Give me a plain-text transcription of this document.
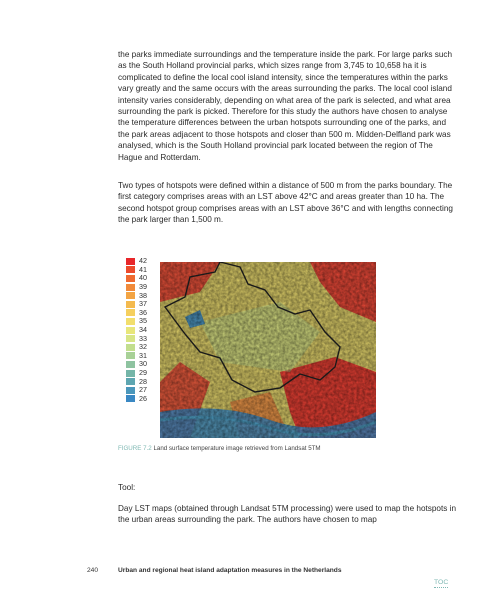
the parks immediate surroundings and the temperature inside the park. For large parks such as the South Holland provincial parks, which sizes range from 3,745 to 10,658 ha it is complicated to define the local cool island intensity, since the temperatures within the parks vary greatly and the same occurs with the areas surrounding the parks. The local cool island intensity varies considerably, depending on what area of the park is selected, and what area surrounding the park is picked. Therefore for this study the authors have chosen to analyse the temperature differences between the urban hotspots surrounding one of the parks, and the park areas adjacent to those hotspots and closer than 500 m. Midden-Delfland park was analysed, which is the South Holland provincial park located between the region of The Hague and Rotterdam.
Two types of hotspots were defined within a distance of 500 m from the parks boundary. The first category comprises areas with an LST above 42°C and areas greater than 10 ha. The second hotspot group comprises areas with an LST above 36°C and with lengths connecting the park larger than 1,500 m.
42
41
40
39
38
37
36
35
34
33
32
31
30
29
28
27
26
FIGURE 7.2 Land surface temperature image retrieved from Landsat 5TM
Tool:
Day LST maps (obtained through Landsat 5TM processing) were used to map the hotspots in the urban areas surrounding the park. The authors have chosen to map
240	Urban and regional heat island adaptation measures in the Netherlands
TOC
